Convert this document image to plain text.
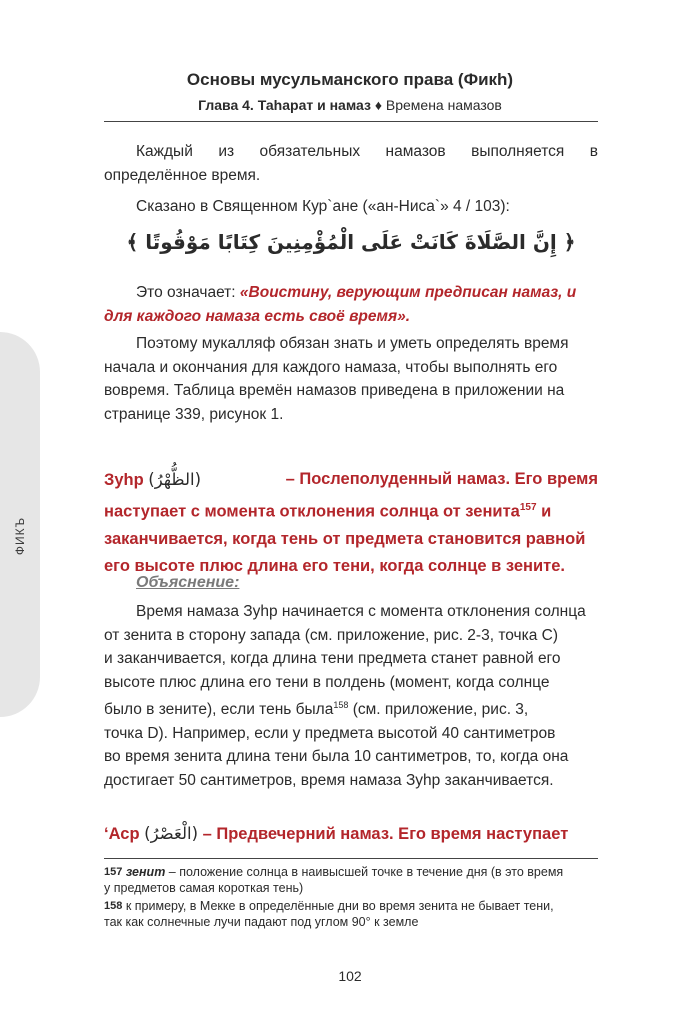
ФИКЪ
Основы мусульманского права (Фикh)
Глава 4. Таhарат и намаз ♦ Времена намазов
Каждый из обязательных намазов выполняется в
определённое время.
Сказано в Священном Кур`ане («ан-Ниса`» 4 / 103):
﴿ إِنَّ الصَّلَاةَ كَانَتْ عَلَى الْمُؤْمِنِينَ كِتَابًا مَوْقُوتًا ﴾
Это означает: «Воистину, верующим предписан намаз, и
для каждого намаза есть своё время».
Поэтому мукалляф обязан знать и уметь определять время
начала и окончания для каждого намаза, чтобы выполнять его
вовремя. Таблица времён намазов приведена в приложении на
странице 339, рисунок 1.
Зуhр (الظُّهْرُ)	– Послеполуденный намаз. Его время
наступает с момента отклонения солнца от зенита$^{157}$ и
заканчивается, когда тень от предмета становится равной
его высоте плюс длина его тени, когда солнце в зените.
Объяснение:
Время намаза Зуhр начинается с момента отклонения солнца
от зенита в сторону запада (см. приложение, рис. 2-3, точка С)
и заканчивается, когда длина тени предмета станет равной его
высоте плюс длина его тени в полдень (момент, когда солнце
было в зените), если тень была$^{158}$ (см. приложение, рис. 3,
точка D). Например, если у предмета высотой 40 сантиметров
во время зенита длина тени была 10 сантиметров, то, когда она
достигает 50 сантиметров, время намаза Зуhр заканчивается.
‘Аср (الْعَصْرُ) – Предвечерний намаз. Его время наступает
157 зенит – положение солнца в наивысшей точке в течение дня (в это время
у предметов самая короткая тень)
158 к примеру, в Мекке в определённые дни во время зенита не бывает тени,
так как солнечные лучи падают под углом 90° к земле
102
